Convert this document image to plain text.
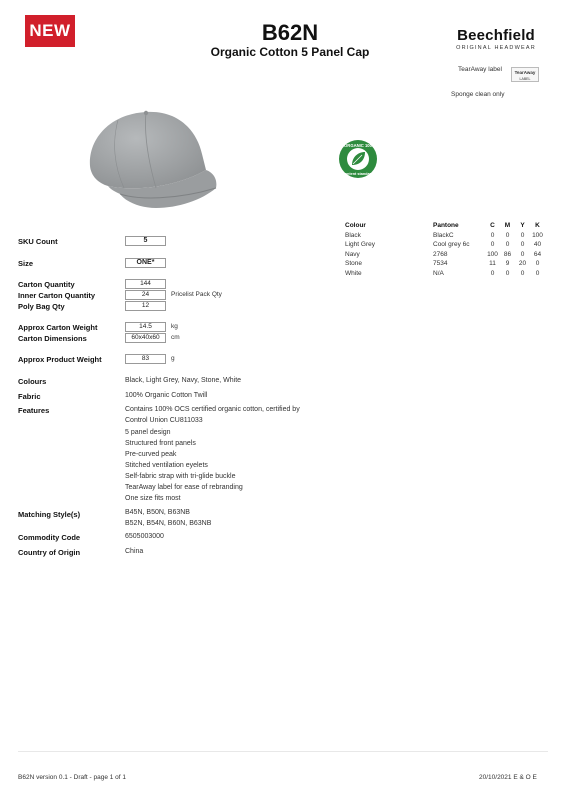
NEW	B62N
Organic Cotton 5 Panel Cap
Beechfield
ORIGINAL HEADWEAR
TearAway label	TearAway
LABEL
Sponge clean only
ORGANIC 100
content standard
Colour	Pantone	C	M	Y	K
Black	BlackC	0	0	0	100
Light Grey	Cool grey 6c	0	0	0	40
Navy	2768	100	86	0	64
Stone	7534	11	9	20	0
White	N/A	0	0	0	0
SKU Count	5
Size	ONE*
Carton Quantity	144
Inner Carton Quantity	24	Pricelist Pack Qty
Poly Bag Qty	12
Approx Carton Weight	14.5	kg
Carton Dimensions	60x40x60	cm
Approx Product Weight	83	g
Colours	Black, Light Grey, Navy, Stone, White
Fabric	100% Organic Cotton Twill
Features	Contains 100% OCS certified organic cotton, certified by
Control Union CU811033
5 panel design
Structured front panels
Pre-curved peak
Stitched ventilation eyelets
Self-fabric strap with tri-glide buckle
TearAway label for ease of rebranding
One size fits most
Matching Style(s)	B45N, B50N, B63NB
B52N, B54N, B60N, B63NB
Commodity Code	6505003000
Country of Origin	China
B62N version 0.1 - Draft - page 1 of 1	20/10/2021 E & O E
